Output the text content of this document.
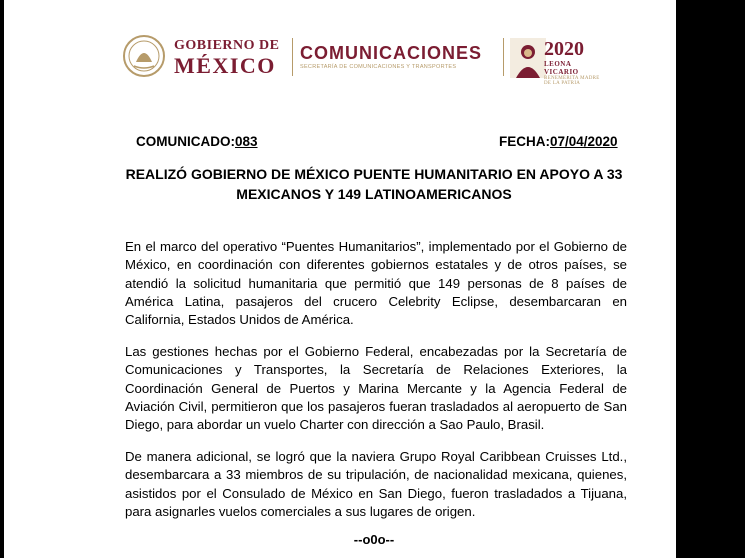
GOBIERNO DE
MÉXICO COMUNICACIONES
SECRETARÍA DE COMUNICACIONES Y TRANSPORTES
2020
LEONA VICARIO
BENEMÉRITA MADRE DE LA PATRIA
COMUNICADO:083	FECHA:07/04/2020
REALIZÓ GOBIERNO DE MÉXICO PUENTE HUMANITARIO EN APOYO A 33
MEXICANOS Y 149 LATINOAMERICANOS
En el marco del operativo “Puentes Humanitarios”, implementado por el Gobierno de México, en coordinación con diferentes gobiernos estatales y de otros países, se atendió la solicitud humanitaria que permitió que 149 personas de 8 países de América Latina, pasajeros del crucero Celebrity Eclipse, desembarcaran en California, Estados Unidos de América.
Las gestiones hechas por el Gobierno Federal, encabezadas por la Secretaría de Comunicaciones y Transportes, la Secretaría de Relaciones Exteriores, la Coordinación General de Puertos y Marina Mercante y la Agencia Federal de Aviación Civil, permitieron que los pasajeros fueran trasladados al aeropuerto de San Diego, para abordar un vuelo Charter con dirección a Sao Paulo, Brasil.
De manera adicional, se logró que la naviera Grupo Royal Caribbean Cruisses Ltd., desembarcara a 33 miembros de su tripulación, de nacionalidad mexicana, quienes, asistidos por el Consulado de México en San Diego, fueron trasladados a Tijuana, para asignarles vuelos comerciales a sus lugares de origen.
--o0o--
